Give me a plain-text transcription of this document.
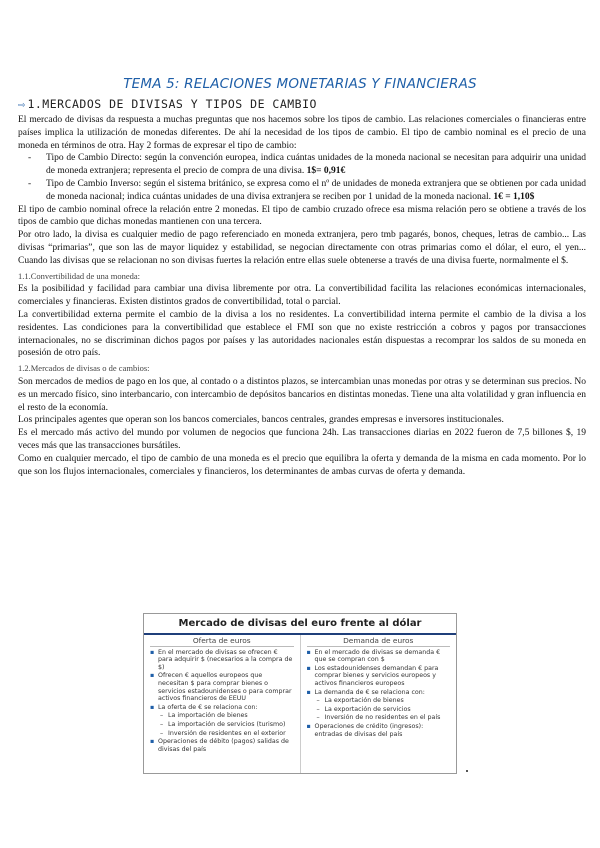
TEMA 5: RELACIONES MONETARIAS Y FINANCIERAS
⇨ 1.MERCADOS DE DIVISAS Y TIPOS DE CAMBIO

El mercado de divisas da respuesta a muchas preguntas que nos hacemos sobre los tipos de cambio. Las relaciones comerciales o financieras entre países implica la utilización de monedas diferentes. De ahí la necesidad de los tipos de cambio. El tipo de cambio nominal es el precio de una moneda en términos de otra. Hay 2 formas de expresar el tipo de cambio:

- Tipo de Cambio Directo: según la convención europea, indica cuántas unidades de la moneda nacional se necesitan para adquirir una unidad de moneda extranjera; representa el precio de compra de una divisa. 1$= 0,91€
- Tipo de Cambio Inverso: según el sistema británico, se expresa como el nº de unidades de moneda extranjera que se obtienen por cada unidad de moneda nacional; indica cuántas unidades de una divisa extranjera se reciben por 1 unidad de la moneda nacional. 1€ = 1,10$

El tipo de cambio nominal ofrece la relación entre 2 monedas. El tipo de cambio cruzado ofrece esa misma relación pero se obtiene a través de los tipos de cambio que dichas monedas mantienen con una tercera.

Por otro lado, la divisa es cualquier medio de pago referenciado en moneda extranjera, pero tmb pagarés, bonos, cheques, letras de cambio... Las divisas “primarias”, que son las de mayor liquidez y estabilidad, se negocian directamente con otras primarias como el dólar, el euro, el yen... Cuando las divisas que se relacionan no son divisas fuertes la relación entre ellas suele obtenerse a través de una divisa fuerte, normalmente el $.

1.1.Convertibilidad de una moneda:

Es la posibilidad y facilidad para cambiar una divisa libremente por otra. La convertibilidad facilita las relaciones económicas internacionales, comerciales y financieras. Existen distintos grados de convertibilidad, total o parcial.

La convertibilidad externa permite el cambio de la divisa a los no residentes. La convertibilidad interna permite el cambio de la divisa a los residentes. Las condiciones para la convertibilidad que establece el FMI son que no existe restricción a cobros y pagos por transacciones internacionales, no se discriminan dichos pagos por países y las autoridades nacionales están dispuestas a recomprar los saldos de su moneda en posesión de otro país.

1.2.Mercados de divisas o de cambios:

Son mercados de medios de pago en los que, al contado o a distintos plazos, se intercambian unas monedas por otras y se determinan sus precios. No es un mercado físico, sino interbancario, con intercambio de depósitos bancarios en distintas monedas. Tiene una alta volatilidad y gran influencia en el resto de la economía.

Los principales agentes que operan son los bancos comerciales, bancos centrales, grandes empresas e inversores institucionales.

Es el mercado más activo del mundo por volumen de negocios que funciona 24h. Las transacciones diarias en 2022 fueron de 7,5 billones $, 19 veces más que las transacciones bursátiles.

Como en cualquier mercado, el tipo de cambio de una moneda es el precio que equilibra la oferta y demanda de la misma en cada momento. Por lo que son los flujos internacionales, comerciales y financieros, los determinantes de ambas curvas de oferta y demanda.

Mercado de divisas del euro frente al dólar
Oferta de euros
▪ En el mercado de divisas se ofrecen € para adquirir $ (necesarios a la compra de $)
▪ Ofrecen € aquellos europeos que necesitan $ para comprar bienes o servicios estadounidenses o para comprar activos financieros de EEUU
▪ La oferta de € se relaciona con:
– La importación de bienes
– La importación de servicios (turismo)
– Inversión de residentes en el exterior
▪ Operaciones de débito (pagos) salidas de divisas del país
Demanda de euros
▪ En el mercado de divisas se demanda € que se compran con $
▪ Los estadounidenses demandan € para comprar bienes y servicios europeos y activos financieros europeos
▪ La demanda de € se relaciona con:
– La exportación de bienes
– La exportación de servicios
– Inversión de no residentes en el país
▪ Operaciones de crédito (ingresos): entradas de divisas del país
